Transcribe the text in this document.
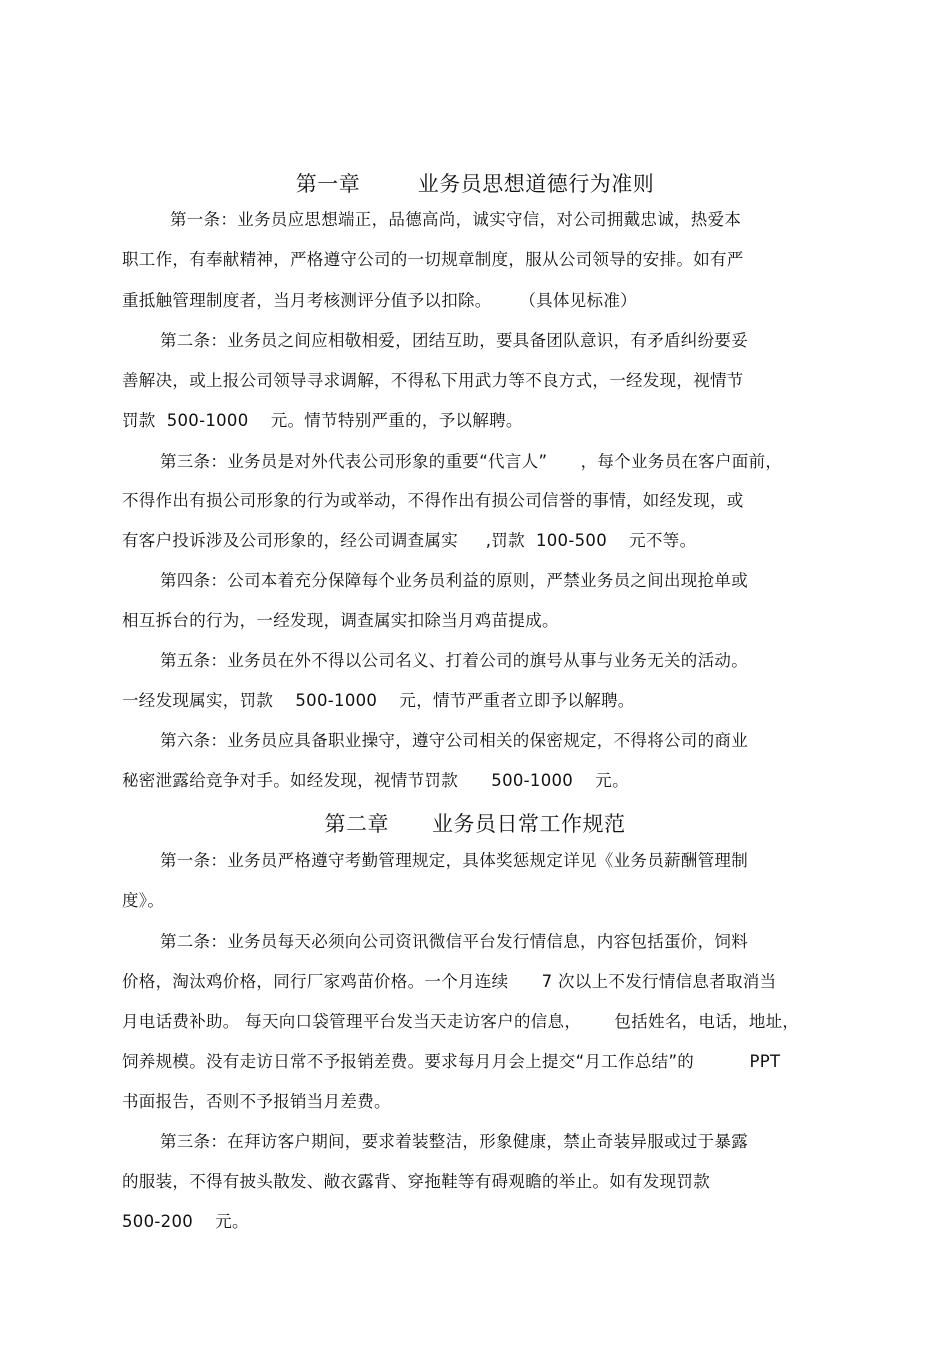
第一章        业务员思想道德行为准则
第一条：业务员应思想端正，品德高尚，诚实守信，对公司拥戴忠诚，热爱本
职工作，有奉献精神，严格遵守公司的一切规章制度，服从公司领导的安排。如有严
重抵触管理制度者，当月考核测评分值予以扣除。     （具体见标准）
第二条：业务员之间应相敬相爱，团结互助，要具备团队意识，有矛盾纠纷要妥
善解决，或上报公司领导寻求调解，不得私下用武力等不良方式，一经发现，视情节
罚款  500-1000    元。情节特别严重的，予以解聘。
第三条：业务员是对外代表公司形象的重要“代言人”      ，每个业务员在客户面前，
不得作出有损公司形象的行为或举动，不得作出有损公司信誉的事情，如经发现，或
有客户投诉涉及公司形象的，经公司调查属实     ,罚款  100-500    元不等。
第四条：公司本着充分保障每个业务员利益的原则，严禁业务员之间出现抢单或
相互拆台的行为，一经发现，调查属实扣除当月鸡苗提成。
第五条：业务员在外不得以公司名义、打着公司的旗号从事与业务无关的活动。
一经发现属实，罚款    500-1000    元，情节严重者立即予以解聘。
第六条：业务员应具备职业操守，遵守公司相关的保密规定，不得将公司的商业
秘密泄露给竞争对手。如经发现，视情节罚款      500-1000    元。
第二章      业务员日常工作规范
第一条：业务员严格遵守考勤管理规定，具体奖惩规定详见《业务员薪酬管理制
度》。
第二条：业务员每天必须向公司资讯微信平台发行情信息，内容包括蛋价，饲料
价格，淘汰鸡价格，同行厂家鸡苗价格。一个月连续      7 次以上不发行情信息者取消当
月电话费补助。 每天向口袋管理平台发当天走访客户的信息，      包括姓名，电话，地址，
饲养规模。没有走访日常不予报销差费。要求每月月会上提交“月工作总结”的          PPT
书面报告，否则不予报销当月差费。
第三条：在拜访客户期间，要求着装整洁，形象健康，禁止奇装异服或过于暴露
的服装，不得有披头散发、敞衣露背、穿拖鞋等有碍观瞻的举止。如有发现罚款
500-200    元。
